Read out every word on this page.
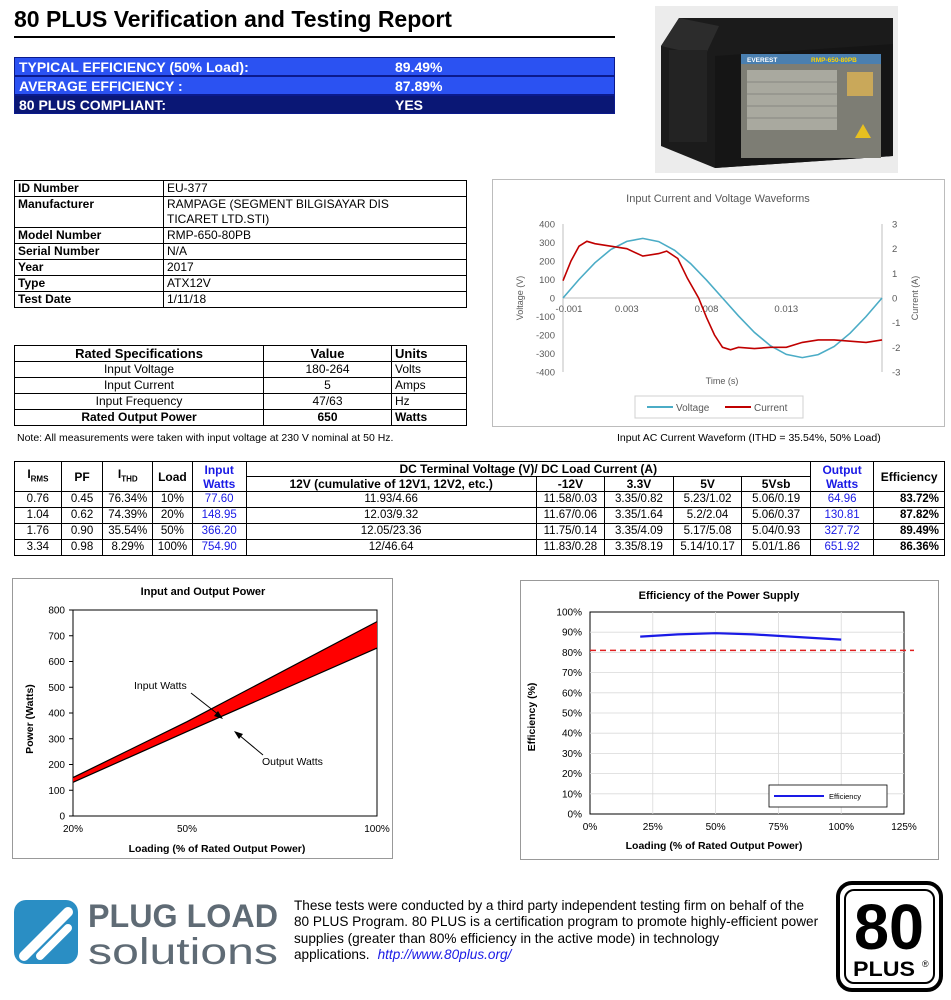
80 PLUS Verification and Testing Report
TYPICAL EFFICIENCY (50% Load):	89.49%
AVERAGE EFFICIENCY :	87.89%
80 PLUS COMPLIANT:	YES
EVEREST	RMP-650-80PB
ID Number	EU-377
Manufacturer	RAMPAGE (SEGMENT BILGISAYAR DIS TICARET LTD.STI)
Model Number	RMP-650-80PB
Serial Number	N/A
Year	2017
Type	ATX12V
Test Date	1/11/18
Rated Specifications	Value	Units
Input Voltage	180-264	Volts
Input Current	5	Amps
Input Frequency	47/63	Hz
Rated Output Power	650	Watts
Note: All measurements were taken with input voltage at 230 V nominal at 50 Hz.
Input Current and Voltage Waveforms
400
300
200
100
0
-100
-200
-300
-400
3
2
1
0
-1
-2
-3
-0.001	0.003	0.008	0.013
Voltage (V)	Current (A)
Time (s)
Voltage	Current
Input AC Current Waveform (ITHD = 35.54%, 50% Load)
$I_{RMS}$	PF	$I_{THD}$	Load	Input Watts	DC Terminal Voltage (V)/ DC Load Current (A)					Output Watts	Efficiency
					12V (cumulative of 12V1, 12V2, etc.)	-12V	3.3V	5V	5Vsb		
0.76	0.45	76.34%	10%	77.60	11.93/4.66	11.58/0.03	3.35/0.82	5.23/1.02	5.06/0.19	64.96	83.72%
1.04	0.62	74.39%	20%	148.95	12.03/9.32	11.67/0.06	3.35/1.64	5.2/2.04	5.06/0.37	130.81	87.82%
1.76	0.90	35.54%	50%	366.20	12.05/23.36	11.75/0.14	3.35/4.09	5.17/5.08	5.04/0.93	327.72	89.49%
3.34	0.98	8.29%	100%	754.90	12/46.64	11.83/0.28	3.35/8.19	5.14/10.17	5.01/1.86	651.92	86.36%
Input and Output Power
800
700
600
500
400
300
200
100
0
20%	50%	100%
Power (Watts)
Loading (% of Rated Output Power)
Input Watts
Output Watts
Efficiency of the Power Supply
100%
90%
80%
70%
60%
50%
40%
30%
20%
10%
0%
0%	25%	50%	75%	100%	125%
Efficiency (%)
Loading (% of Rated Output Power)
Efficiency
PLUG LOAD
solutions
These tests were conducted by a third party independent testing firm on behalf of the 80 PLUS Program. 80 PLUS is a certification program to promote highly-efficient power supplies (greater than 80% efficiency in the active mode) in technology applications. http://www.80plus.org/	80
PLUS ®
